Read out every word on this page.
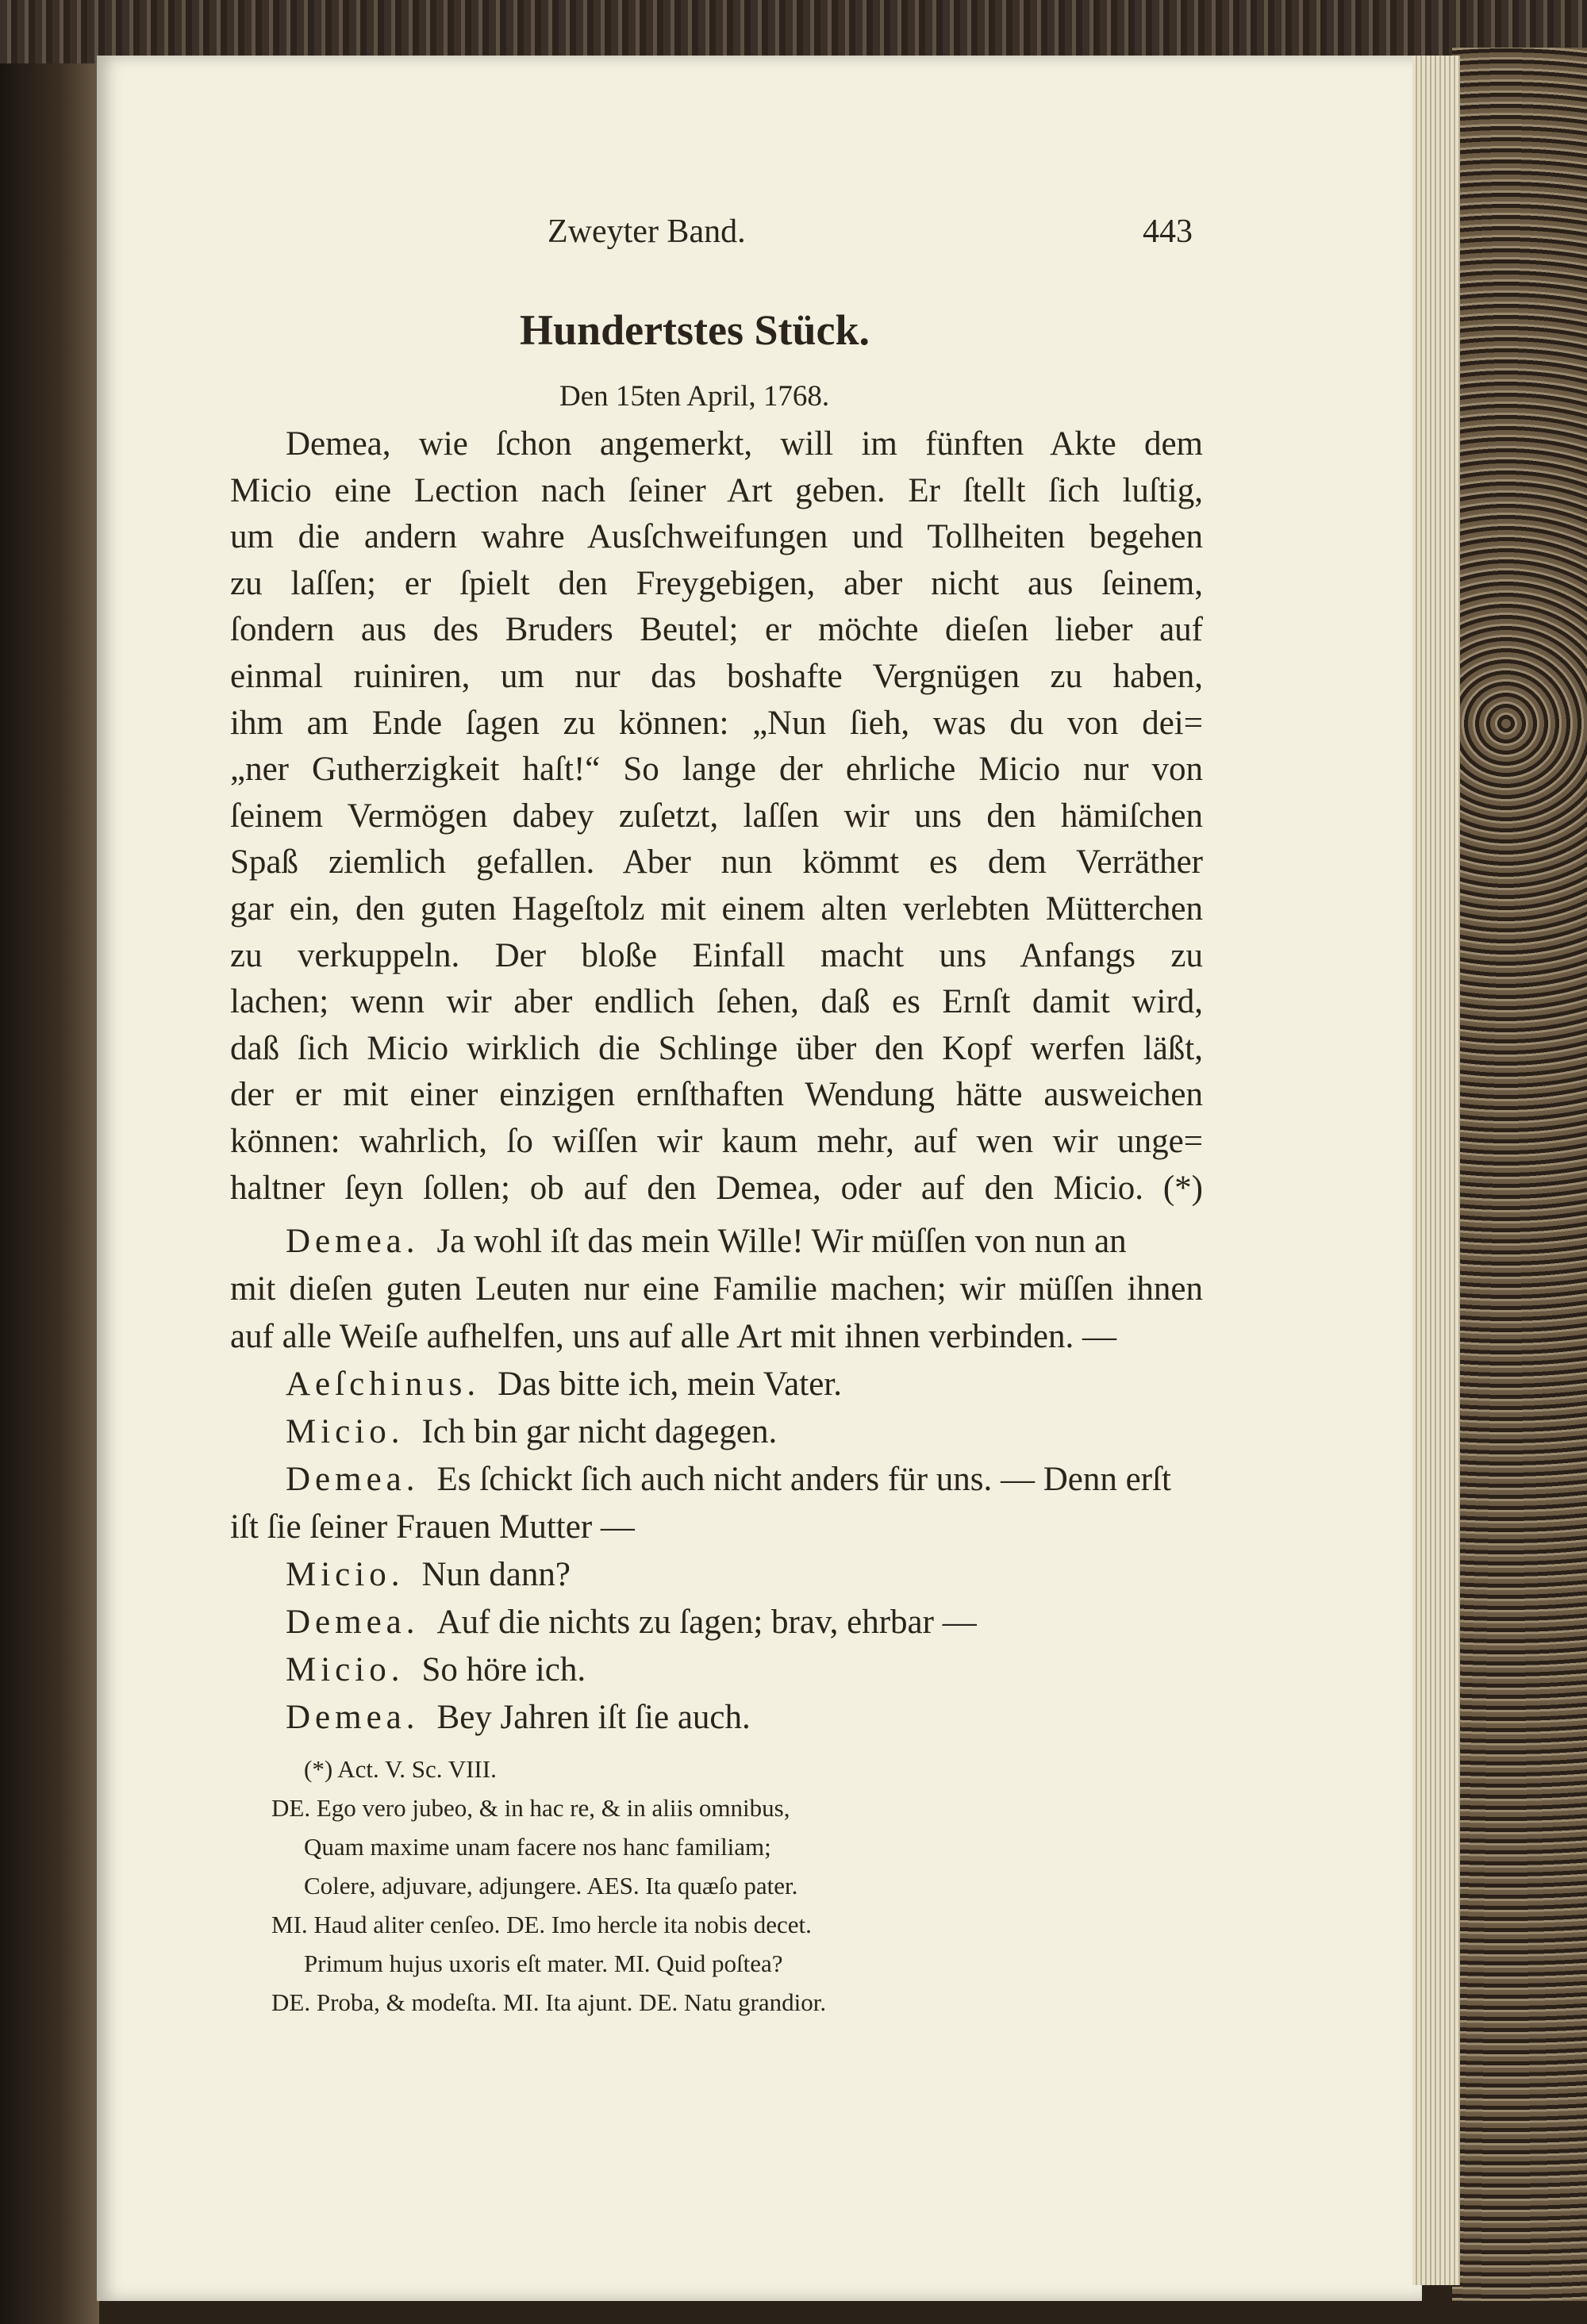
Zweyter Band.	443
Hundertstes Stück.
Den 15ten April, 1768.
Demea, wie ſchon angemerkt, will im fünften Akte dem
Micio eine Lection nach ſeiner Art geben. Er ſtellt ſich luſtig,
um die andern wahre Ausſchweifungen und Tollheiten begehen
zu laſſen; er ſpielt den Freygebigen, aber nicht aus ſeinem,
ſondern aus des Bruders Beutel; er möchte dieſen lieber auf
einmal ruiniren, um nur das boshafte Vergnügen zu haben,
ihm am Ende ſagen zu können: „Nun ſieh, was du von dei=
„ner Gutherzigkeit haſt!“ So lange der ehrliche Micio nur von
ſeinem Vermögen dabey zuſetzt, laſſen wir uns den hämiſchen
Spaß ziemlich gefallen. Aber nun kömmt es dem Verräther
gar ein, den guten Hageſtolz mit einem alten verlebten Mütterchen
zu verkuppeln. Der bloße Einfall macht uns Anfangs zu
lachen; wenn wir aber endlich ſehen, daß es Ernſt damit wird,
daß ſich Micio wirklich die Schlinge über den Kopf werfen läßt,
der er mit einer einzigen ernſthaften Wendung hätte ausweichen
können: wahrlich, ſo wiſſen wir kaum mehr, auf wen wir unge=
haltner ſeyn ſollen; ob auf den Demea, oder auf den Micio. (*)
Demea. Ja wohl iſt das mein Wille! Wir müſſen von nun an
mit dieſen guten Leuten nur eine Familie machen; wir müſſen ihnen
auf alle Weiſe aufhelfen, uns auf alle Art mit ihnen verbinden. —
Aeſchinus. Das bitte ich, mein Vater.
Micio. Ich bin gar nicht dagegen.
Demea. Es ſchickt ſich auch nicht anders für uns. — Denn erſt
iſt ſie ſeiner Frauen Mutter —
Micio. Nun dann?
Demea. Auf die nichts zu ſagen; brav, ehrbar —
Micio. So höre ich.
Demea. Bey Jahren iſt ſie auch.
(*) Act. V. Sc. VIII.
DE. Ego vero jubeo, & in hac re, & in aliis omnibus,
Quam maxime unam facere nos hanc familiam;
Colere, adjuvare, adjungere. AES. Ita quæſo pater.
MI. Haud aliter cenſeo. DE. Imo hercle ita nobis decet.
Primum hujus uxoris eſt mater. MI. Quid poſtea?
DE. Proba, & modeſta. MI. Ita ajunt. DE. Natu grandior.
